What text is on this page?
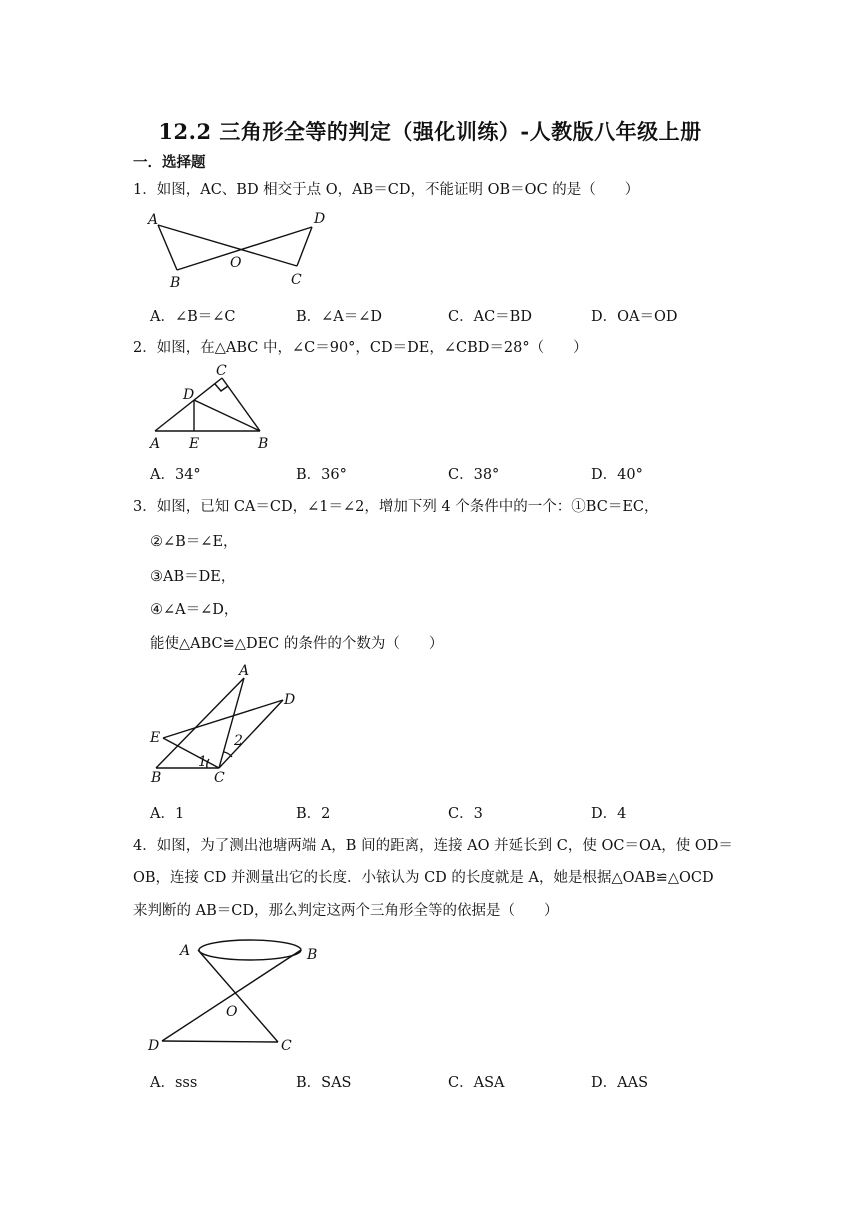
12.2 三角形全等的判定（强化训练）-人教版八年级上册
一．选择题
1．如图，AC、BD 相交于点 O，AB＝CD，不能证明 OB＝OC 的是（　　）
A	D
O
B	C
A．∠B＝∠C	B．∠A＝∠D	C．AC＝BD	D．OA＝OD
2．如图，在△ABC 中，∠C＝90°，CD＝DE，∠CBD＝28°（　　）
C
D
A E	B
A．34°	B．36°	C．38°	D．40°
3．如图，已知 CA＝CD，∠1＝∠2，增加下列 4 个条件中的一个：①BC＝EC，
②∠B＝∠E，
③AB＝DE，
④∠A＝∠D，
能使△ABC≌△DEC 的条件的个数为（　　）
A
D
E	2
1
B	C
A．1	B．2	C．3	D．4
4．如图，为了测出池塘两端 A，B 间的距离，连接 AO 并延长到 C，使 OC＝OA，使 OD＝
OB，连接 CD 并测量出它的长度．小铱认为 CD 的长度就是 A，她是根据△OAB≌△OCD
来判断的 AB＝CD，那么判定这两个三角形全等的依据是（　　）
A	B
O
D	C
A．sss	B．SAS	C．ASA	D．AAS
